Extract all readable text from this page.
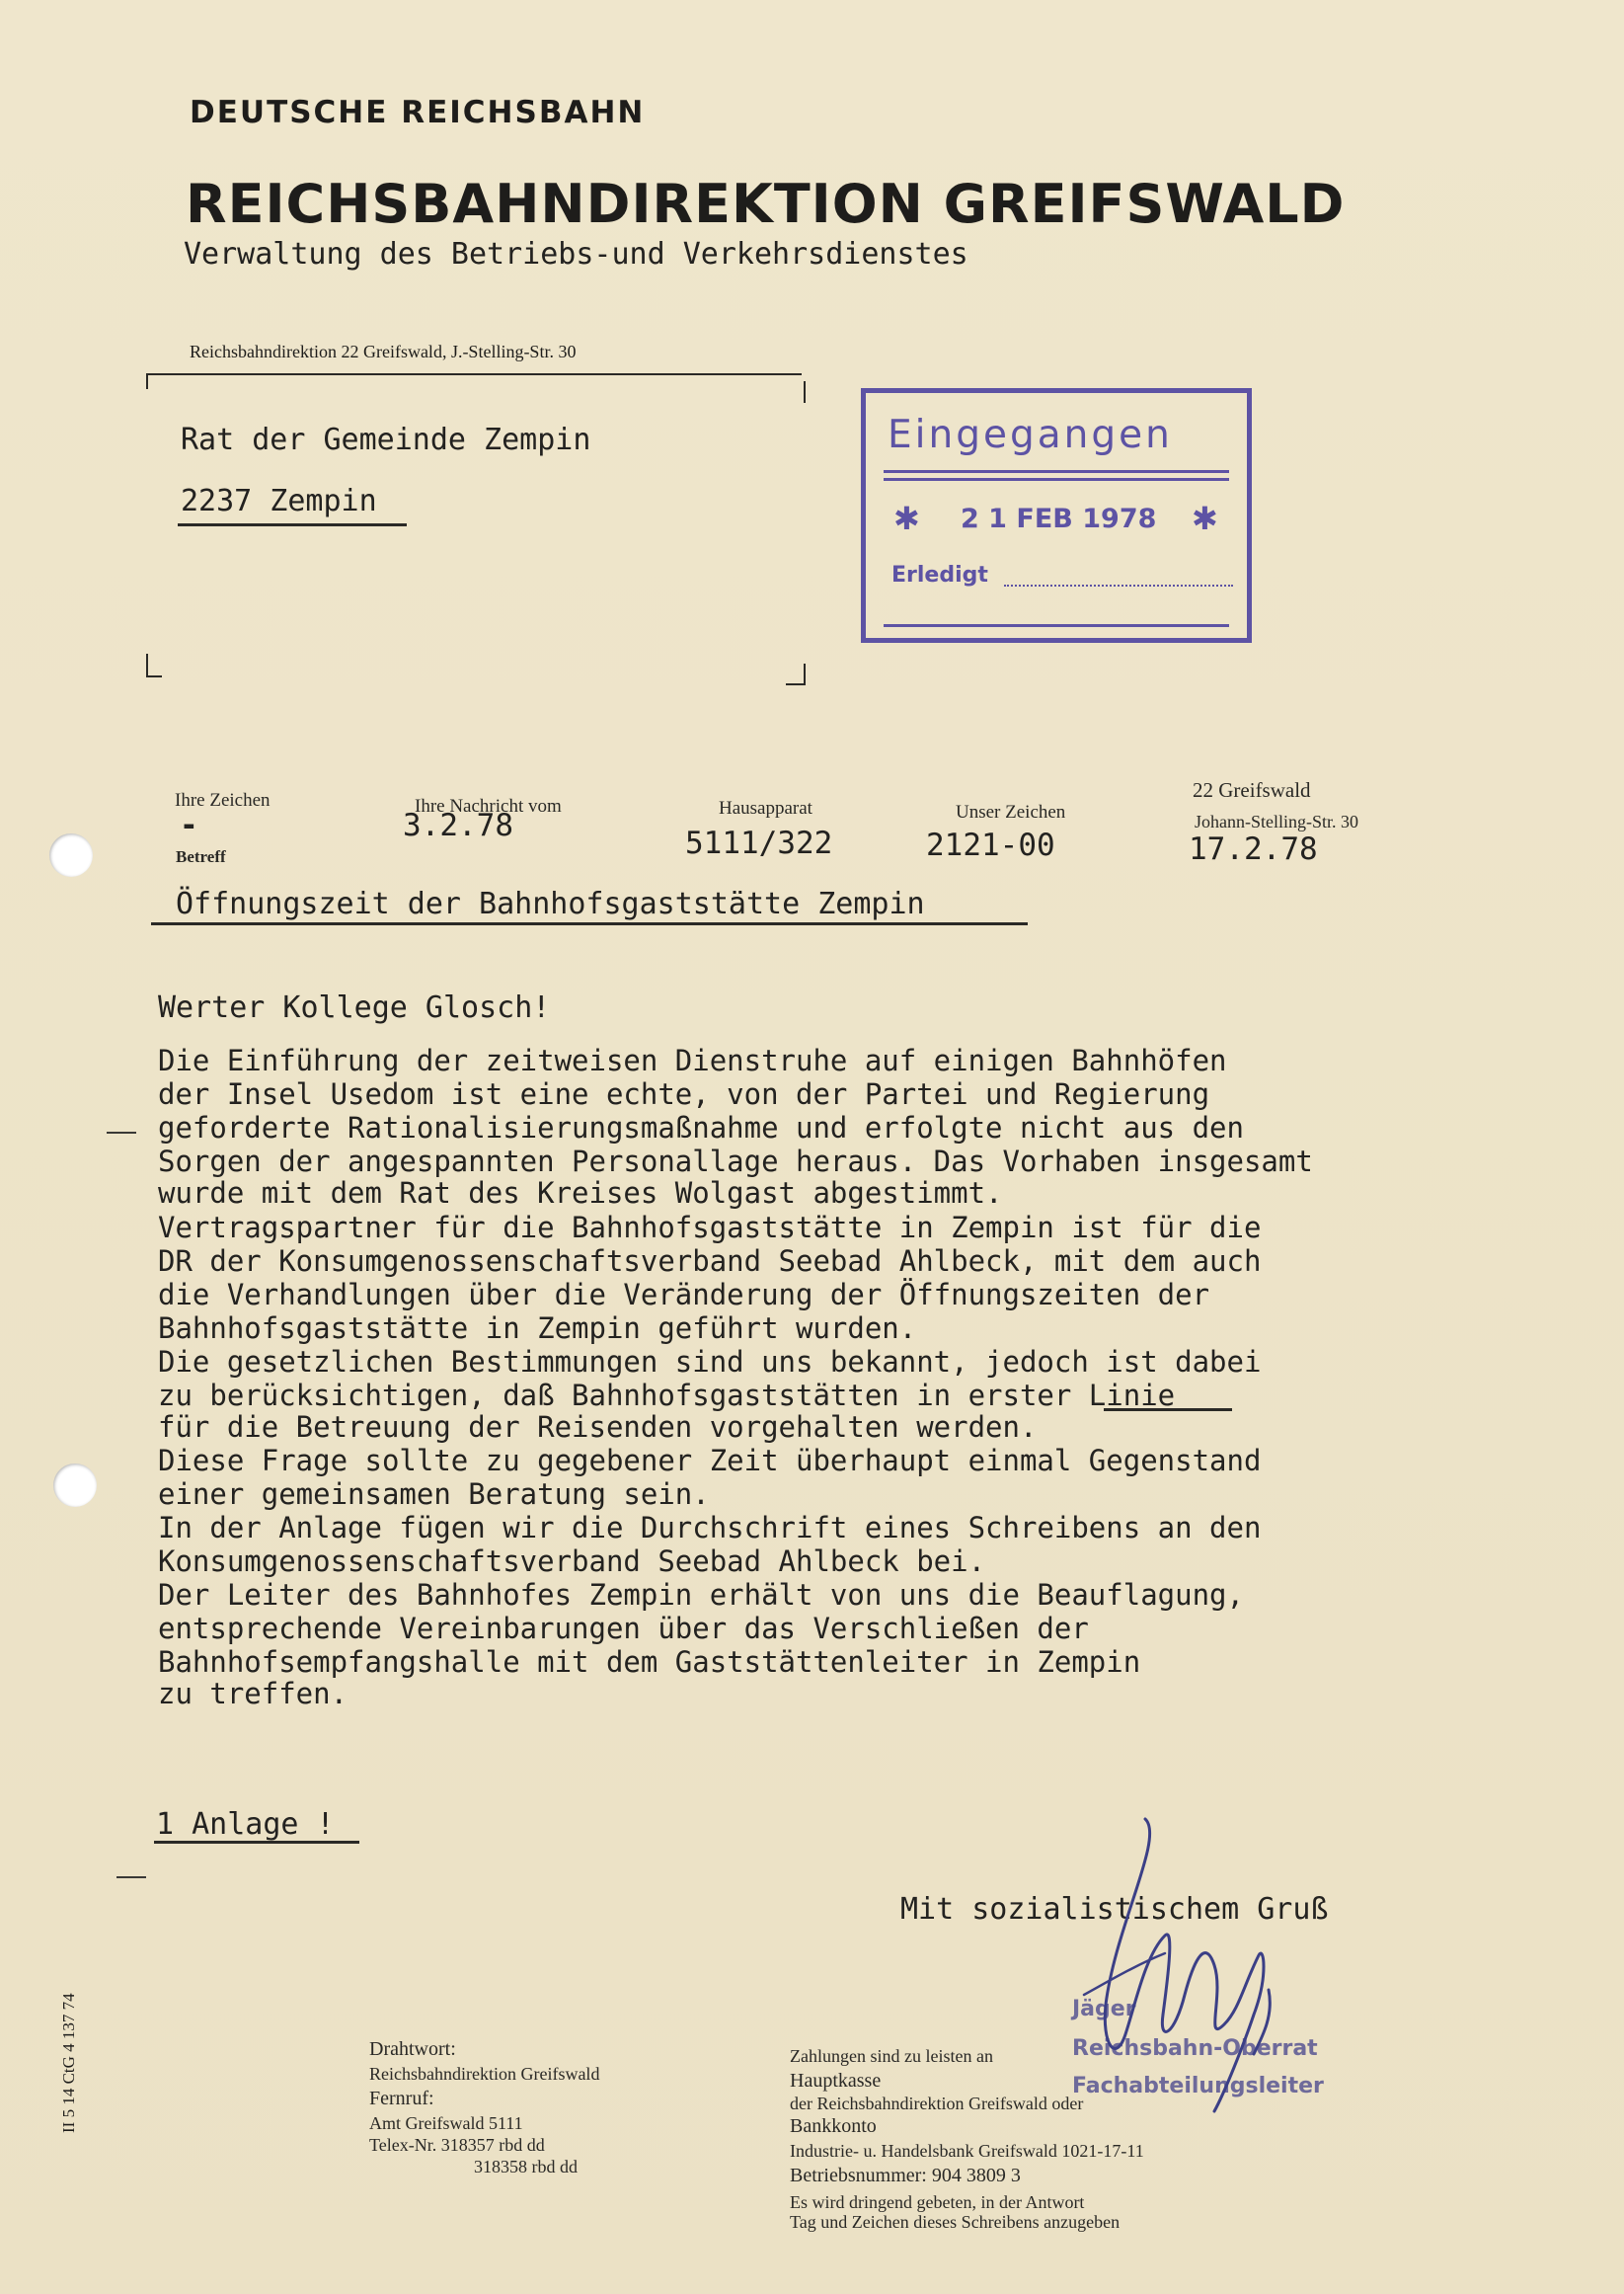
DEUTSCHE REICHSBAHN
REICHSBAHNDIREKTION GREIFSWALD
Verwaltung des Betriebs-und Verkehrsdienstes
Reichsbahndirektion 22 Greifswald, J.-Stelling-Str. 30
Rat der Gemeinde Zempin
2237 Zempin
Eingegangen
✱ 2 1 FEB 1978 ✱
Erledigt
Ihre Zeichen
-
Betreff
Ihre Nachricht vom
3.2.78	Hausapparat
5111/322
Unser Zeichen
2121-00
22 Greifswald
Johann-Stelling-Str. 30
17.2.78
Öffnungszeit der Bahnhofsgaststätte Zempin
Werter Kollege Glosch!
Die Einführung der zeitweisen Dienstruhe auf einigen Bahnhöfen
der Insel Usedom ist eine echte, von der Partei und Regierung
geforderte Rationalisierungsmaßnahme und erfolgte nicht aus den
Sorgen der angespannten Personallage heraus. Das Vorhaben insgesamt
wurde mit dem Rat des Kreises Wolgast abgestimmt.
Vertragspartner für die Bahnhofsgaststätte in Zempin ist für die
DR der Konsumgenossenschaftsverband Seebad Ahlbeck, mit dem auch
die Verhandlungen über die Veränderung der Öffnungszeiten der
Bahnhofsgaststätte in Zempin geführt wurden.
Die gesetzlichen Bestimmungen sind uns bekannt, jedoch ist dabei
zu berücksichtigen, daß Bahnhofsgaststätten in erster Linie
für die Betreuung der Reisenden vorgehalten werden.
Diese Frage sollte zu gegebener Zeit überhaupt einmal Gegenstand
einer gemeinsamen Beratung sein.
In der Anlage fügen wir die Durchschrift eines Schreibens an den
Konsumgenossenschaftsverband Seebad Ahlbeck bei.
Der Leiter des Bahnhofes Zempin erhält von uns die Beauflagung,
entsprechende Vereinbarungen über das Verschließen der
Bahnhofsempfangshalle mit dem Gaststättenleiter in Zempin
zu treffen.
1 Anlage !
Mit sozialistischem Gruß
Jäger
Reichsbahn-Oberrat
Fachabteilungsleiter
II 5 14 CtG 4 137 74	Drahtwort:
Reichsbahndirektion Greifswald
Fernruf:
Amt Greifswald 5111
Telex-Nr. 318357 rbd dd
318358 rbd dd
Zahlungen sind zu leisten an
Hauptkasse
der Reichsbahndirektion Greifswald oder
Bankkonto
Industrie- u. Handelsbank Greifswald 1021-17-11
Betriebsnummer: 904 3809 3
Es wird dringend gebeten, in der Antwort
Tag und Zeichen dieses Schreibens anzugeben
